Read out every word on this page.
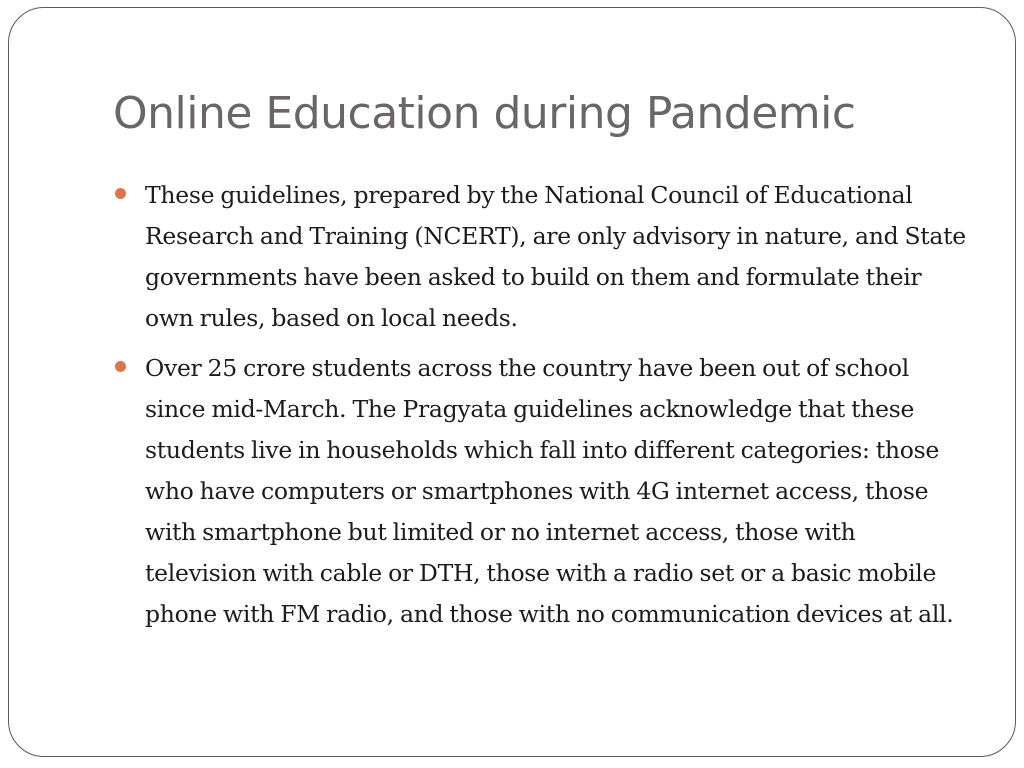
Online Education during Pandemic
These guidelines, prepared by the National Council of Educational Research and Training (NCERT), are only advisory in nature, and State governments have been asked to build on them and formulate their own rules, based on local needs.
Over 25 crore students across the country have been out of school since mid-March. The Pragyata guidelines acknowledge that these students live in households which fall into different categories: those who have computers or smartphones with 4G internet access, those with smartphone but limited or no internet access, those with television with cable or DTH, those with a radio set or a basic mobile phone with FM radio, and those with no communication devices at all.
